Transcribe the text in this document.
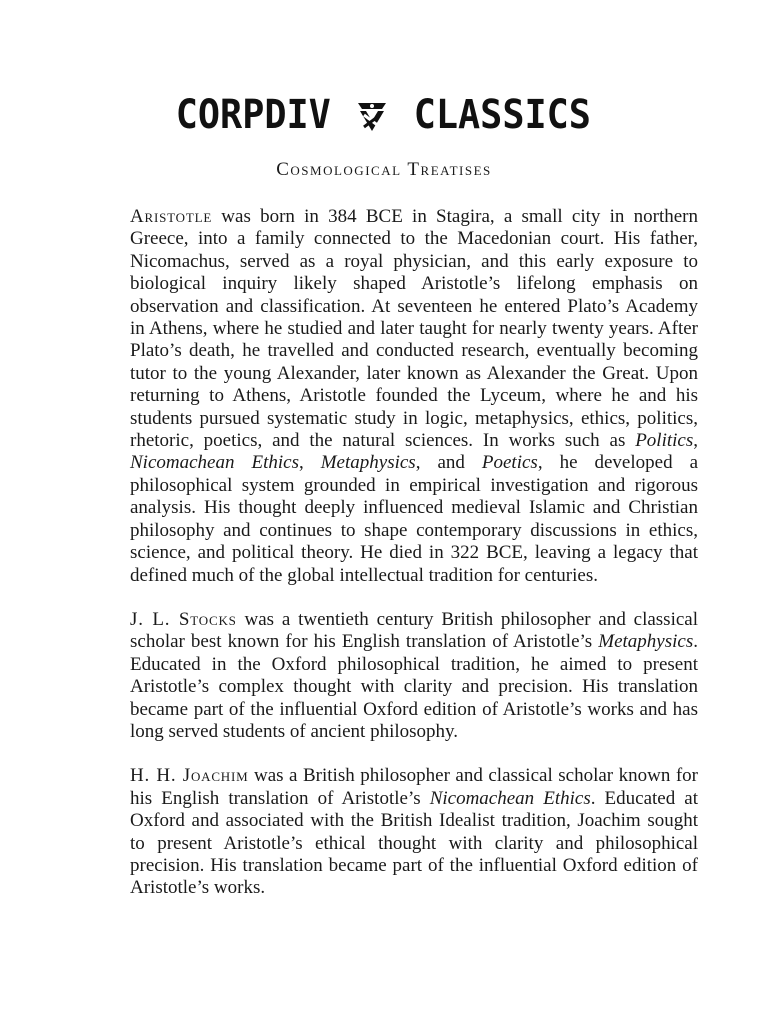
CORPDIV CLASSICS
Cosmological Treatises

Aristotle was born in 384 BCE in Stagira, a small city in northern Greece, into a family connected to the Macedonian court. His father, Nicomachus, served as a royal physician, and this early exposure to biological inquiry likely shaped Aristotle’s lifelong emphasis on observation and classification. At seventeen he entered Plato’s Academy in Athens, where he studied and later taught for nearly twenty years. After Plato’s death, he travelled and conducted research, eventually becoming tutor to the young Alexander, later known as Alexander the Great. Upon returning to Athens, Aristotle founded the Lyceum, where he and his students pursued systematic study in logic, metaphysics, ethics, politics, rhetoric, poetics, and the natural sciences. In works such as Politics, Nicomachean Ethics, Metaphysics, and Poetics, he developed a philosophical system grounded in empirical investigation and rigorous analysis. His thought deeply influenced medieval Islamic and Christian philosophy and continues to shape contemporary discussions in ethics, science, and political theory. He died in 322 BCE, leaving a legacy that defined much of the global intellectual tradition for centuries.

J. L. Stocks was a twentieth century British philosopher and classical scholar best known for his English translation of Aristotle’s Metaphysics. Educated in the Oxford philosophical tradition, he aimed to present Aristotle’s complex thought with clarity and precision. His translation became part of the influential Oxford edition of Aristotle’s works and has long served students of ancient philosophy.

H. H. Joachim was a British philosopher and classical scholar known for his English translation of Aristotle’s Nicomachean Ethics. Educated at Oxford and associated with the British Idealist tradition, Joachim sought to present Aristotle’s ethical thought with clarity and philosophical precision. His translation became part of the influential Oxford edition of Aristotle’s works.
